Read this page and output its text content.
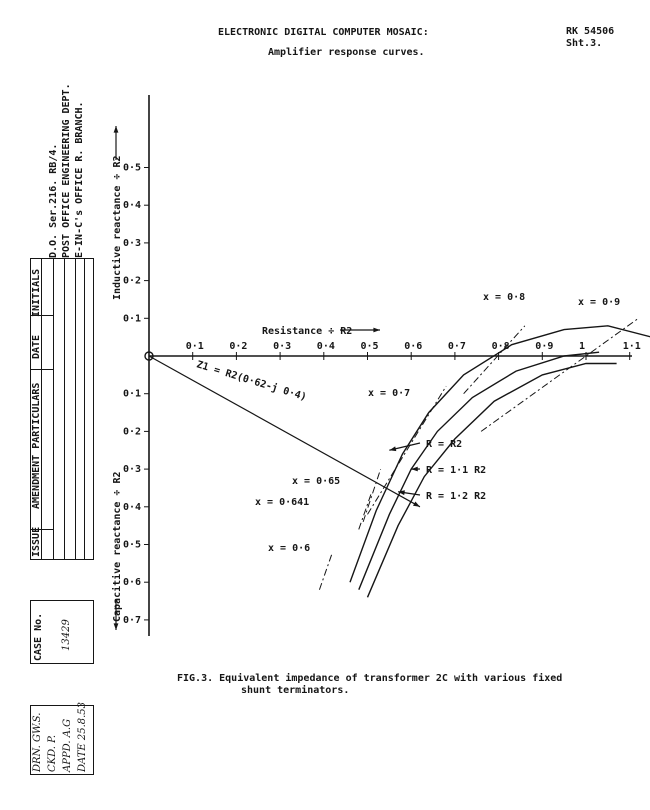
ELECTRONIC DIGITAL COMPUTER MOSAIC:
Amplifier response curves.
RK 54506
Sht.3.
D.O. Ser.216. RB/4. POST OFFICE ENGINEERING DEPT. E-IN-C's OFFICE R. BRANCH.
INITIALS
DATE
AMENDMENT PARTICULARS
ISSUE
CASE No. 13429
DRN. GW.S. CKD. P. APPD. A.G DATE 25.8.53
0·1	0·2	0·3	0·4	0·5	0·6	0·7	0·8	0·9	1	1·1
0·5
0·4
0·3
0·2
0·1
0·1
0·2
0·3
0·4
0·5
0·6
0·7
Z1 = R2(0·62-j 0·4)
x = 0·9
x = 0·8
x = 0·7
x = 0·65
x = 0·641
x = 0·6
R = R2
R = 1·1 R2
R = 1·2 R2
Resistance ÷ R2
Inductive reactance ÷ R2
Capacitive reactance ÷ R2
FIG.3. Equivalent impedance of transformer 2C with various fixed
shunt terminators.
